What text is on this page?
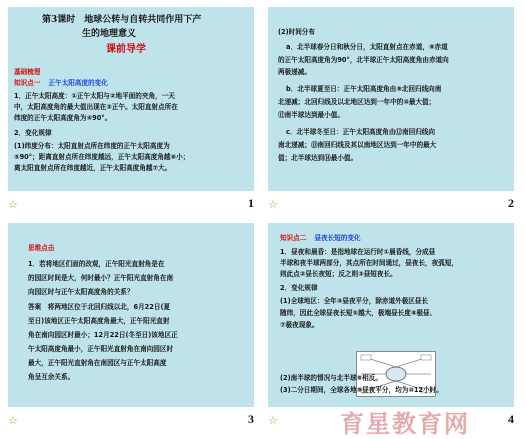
第3课时　地球公转与自转共同作用下产
生的地理意义
课前导学
基础梳理
知识点一 正午太阳高度的变化
1．正午太阳高度：①正午太阳与②地平面的夹角，一天
中，太阳高度角的最大值出现在③正午。太阳直射点所在
纬度的正午太阳高度角为④90°。
2．变化规律
(1)纬度分布：太阳直射点所在纬度的正午太阳高度为
⑤90°；距离直射点所在纬度越远，正午太阳高度角越⑥小；
离太阳直射点所在纬度越近，正午太阳高度角越⑦大。
☆	1
(2)时间分布
a．北半球春分日和秋分日，太阳直射点在赤道，⑧赤道
的正午太阳高度角为90°，北半球正午太阳高度角由赤道向
两极递减。
b．北半球夏至日：正午太阳高度角由⑨北回归线向南
北递减；北回归线及以北地区达到一年中的⑩最大值；
⑪南半球达到最小值。
c．北半球冬至日：正午太阳高度角由⑫南回归线向
南北递减；⑬南回归线及其以南地区达到一年中的最大
值；北半球达到⑭最小值。
☆	2
思维点击
1．若将地区们面的改观，正午阳光直射角是在
的园区时间是大，何时最小？正午阳光直射角在南
向园区时与正午太阳高度角的关系？
答案　将两地区位于北回归线以北，6月22日(夏
至日)该地区正午太阳高度角最大，正午阳光直射
角在南向园区时最小；12月22日(冬至日)该地区正
午太阳高度角最小，正午阳光直射角在南向园区时
最大，正午阳光直射角在南园区与正午太阳高度
角呈互余关系。
☆	3
知识点二 昼夜长短的变化
1．昼夜和晨昏：是指地球在运行时①晨昏线，分成昼
半球和夜半球两部分，其点所在时间通过，昼夜长，夜弧短，
则此点②昼长夜短；反之则③昼短夜长。
2．变化规律
(1)全球地区：全年④昼夜平分，除赤道外极区昼长
随纬，因此全球昼夜长短⑤越大，极端昼长度⑥极昼、
⑦极夜现象。
(2)南半球的情况与北半球⑧相反。
(3)二分日期间，全球各地⑨昼夜平分，均为⑩12小时。
☆	4
育星教育网
